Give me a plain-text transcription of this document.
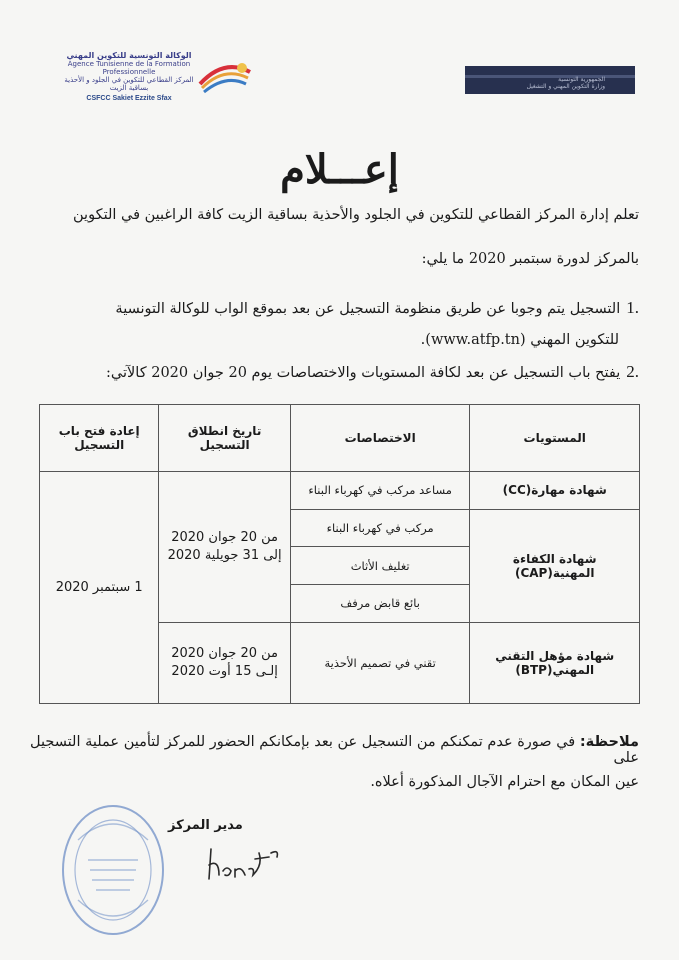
الوكالة التونسية للتكوين المهني
Agence Tunisienne de la Formation
Professionnelle
المركز القطاعي للتكوين في الجلود و الأحذية
بساقية الزيت
CSFCC Sakiet Ezzite Sfax
الجمهورية التونسية
وزارة التكوين المهني و التشغيل
إعـــلام
تعلم إدارة المركز القطاعي للتكوين في الجلود والأحذية بساقية الزيت كافة الراغبين في التكوين
بالمركز لدورة سبتمبر 2020 ما يلي:
.1التسجيل يتم وجوبا عن طريق منظومة التسجيل عن بعد بموقع الواب للوكالة التونسية
للتكوين المهني (www.atfp.tn).
.2يفتح باب التسجيل عن بعد لكافة المستويات والاختصاصات يوم 20 جوان 2020 كالآتي:
المستويات	الاختصاصات	تاريخ انطلاق التسجيل	إعادة فتح باب التسجيل
شهادة مهارة(CC)	مساعد مركب في كهرباء البناء	من 20 جوان 2020
إلى 31 جويلية 2020	1 سبتمبر 2020
شهادة الكفاءة المهنية(CAP)	مركب في كهرباء البناء		
	تغليف الأثاث		
	بائع قابض مرفف		
شهادة مؤهل التقني المهني(BTP)	تقني في تصميم الأحذية	من 20 جوان 2020
إلـى 15 أوت 2020	
ملاحظة: في صورة عدم تمكنكم من التسجيل عن بعد بإمكانكم الحضور للمركز لتأمين عملية التسجيل على
عين المكان مع احترام الآجال المذكورة أعلاه.
مدير المركز
